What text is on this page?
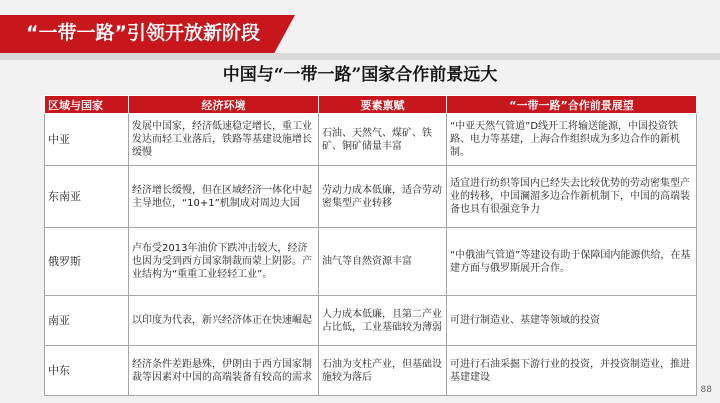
“一带一路”引领开放新阶段
中国与“一带一路”国家合作前景远大
区域与国家	经济环境	要素禀赋	“一带一路”合作前景展望
中亚	发展中国家，经济低速稳定增长，重工业发达而轻工业落后，铁路等基建设施增长缓慢	石油、天然气、煤矿、铁矿、铜矿储量丰富	“中亚天然气管道”D线开工将输送能源，中国投资铁路、电力等基建，上海合作组织成为多边合作的新机制。
东南亚	经济增长缓慢，但在区域经济一体化中起主导地位，“10+1”机制成对周边大国	劳动力成本低廉，适合劳动 密集型产业转移	适宜进行纺织等国内已经失去比较优势的劳动密集型产业的转移，中国澜湄多边合作新机制下，中国的高端装备也具有很强竞争力
俄罗斯	卢布受2013年油价下跌冲击较大，经济也因为受到西方国家制裁而蒙上阴影。产业结构为“重重工业轻轻工业”。	油气等自然资源丰富	“中俄油气管道”等建设有助于保障国内能源供给，在基建方面与俄罗斯展开合作。
南亚	以印度为代表，新兴经济体正在快速崛起	人力成本低廉，且第二产业占比低，工业基础较为薄弱	可进行制造业、基建等领域的投资
中东	经济条件差距悬殊，伊朗由于西方国家制裁等因素对中国的高端装备有较高的需求	石油为支柱产业，但基础设施较为落后	可进行石油采掘下游行业的投资，并投资制造业，推进基建建设
88
